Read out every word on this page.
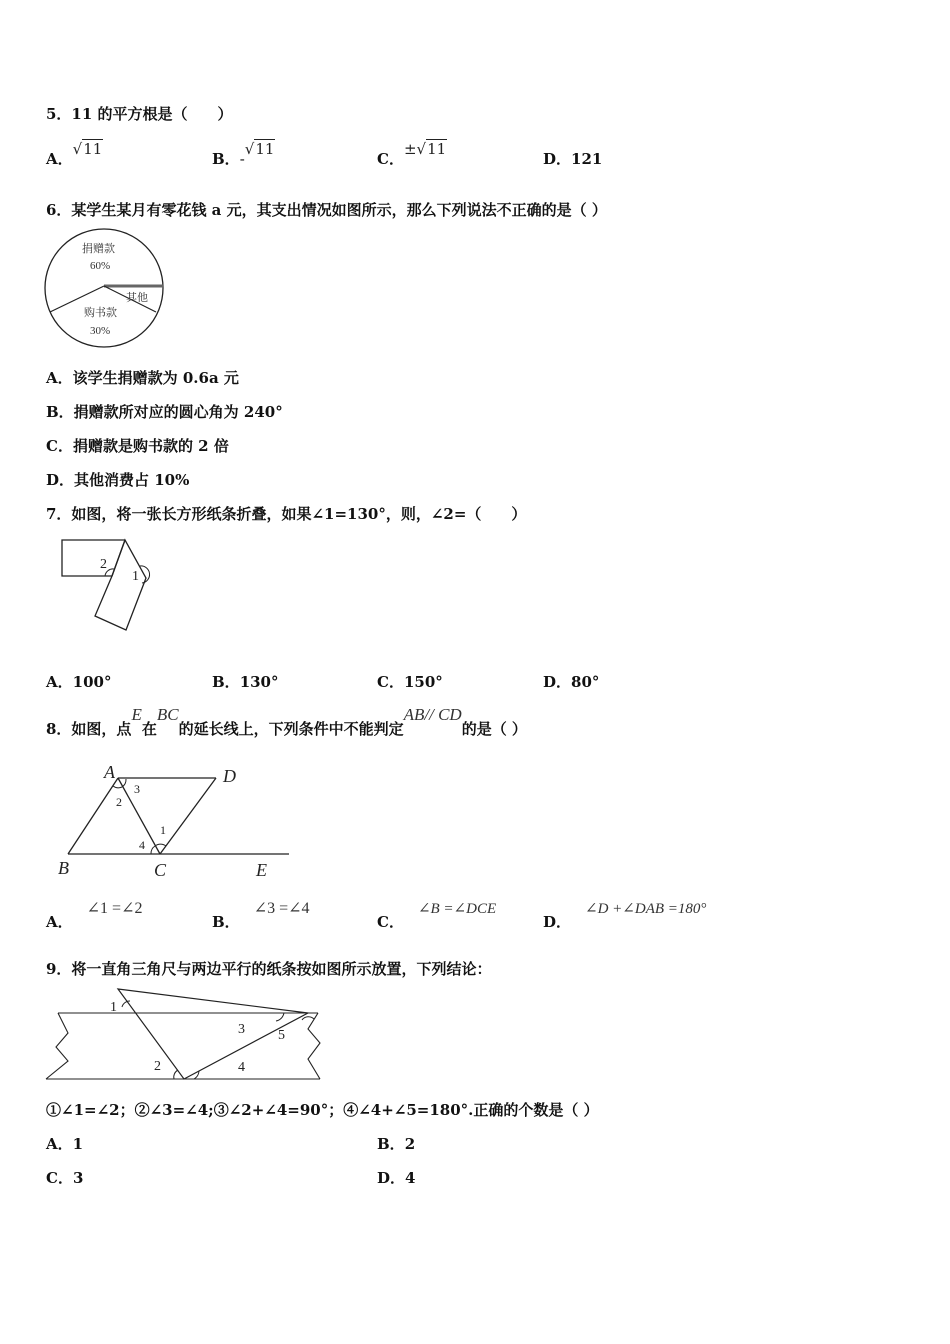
5．11 的平方根是（　　）
A．√11
B．-√11
C．±√11
D．121
6．某学生某月有零花钱 a 元，其支出情况如图所示，那么下列说法不正确的是（ ）
捐赠款
60%
其他
购书款
30%
A．该学生捐赠款为 0.6a 元
B．捐赠款所对应的圆心角为 240°
C．捐赠款是购书款的 2 倍
D．其他消费占 10%
7．如图，将一张长方形纸条折叠，如果∠1=130°，则，∠2=（　　）
2
1
A．100°	B．130°	C．150°	D．80°
8．如图，点E在BC的延长线上，下列条件中不能判定AB// CD的是（ ）
A	D
B	C	E
2
3
1
4
A．∠1 =∠2
B．∠3 =∠4
C．∠B =∠DCE
D．∠D +∠DAB =180°
9．将一直角三角尺与两边平行的纸条按如图所示放置，下列结论：
1
2
3
4
5
①∠1=∠2；②∠3=∠4;③∠2+∠4=90°；④∠4+∠5=180°.正确的个数是（ ）
A．1	B．2
C．3	D．4
